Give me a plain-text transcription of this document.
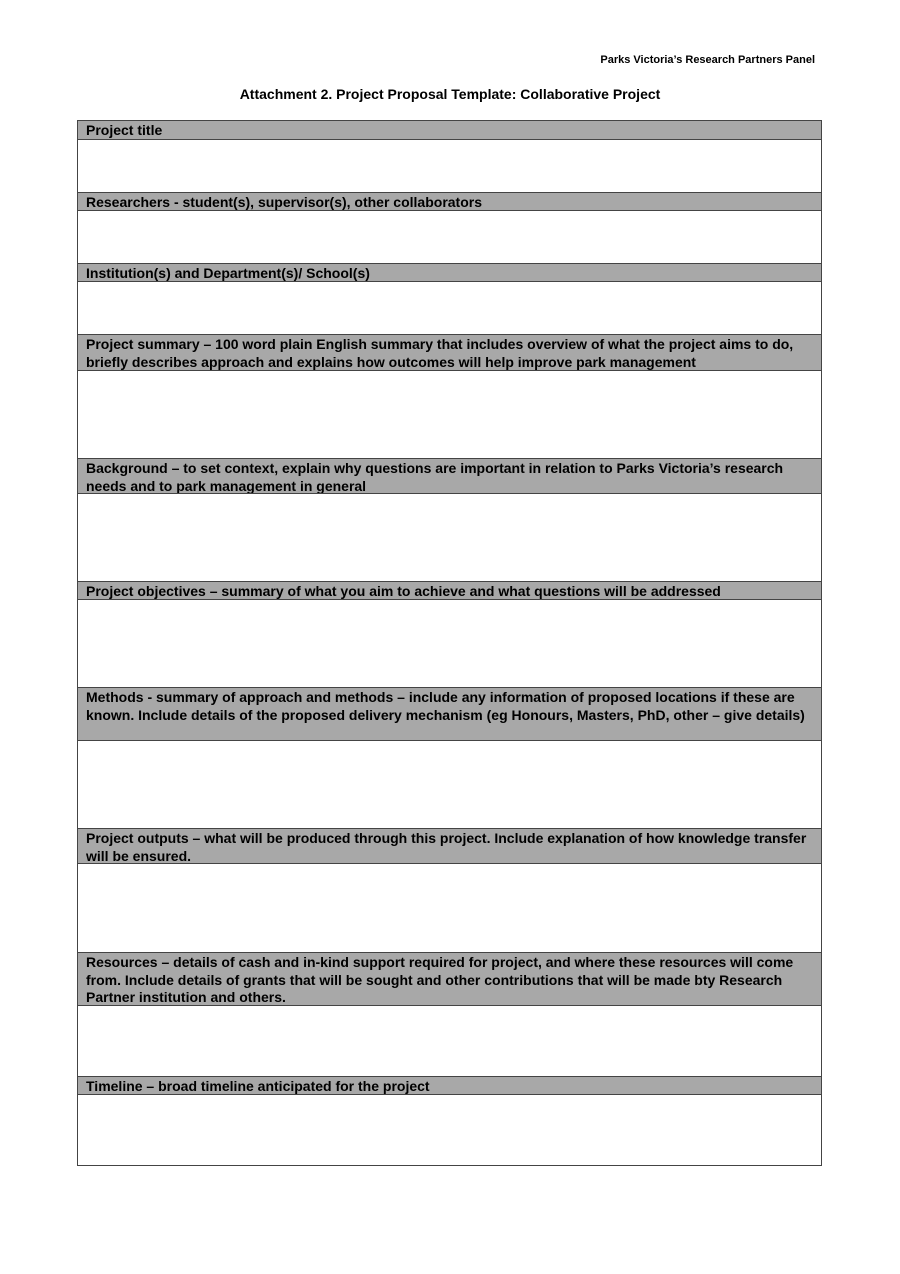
Parks Victoria’s Research Partners Panel
Attachment 2. Project Proposal Template: Collaborative Project
Project title
Researchers - student(s), supervisor(s), other collaborators
Institution(s) and Department(s)/ School(s)
Project summary – 100 word plain English summary that includes overview of what the project aims to do, briefly describes approach and explains how outcomes will help improve park management
Background – to set context, explain why questions are important in relation to Parks Victoria’s research needs and to park management in general
Project objectives – summary of what you aim to achieve and what questions will be addressed
Methods - summary of approach and methods – include any information of proposed locations if these are known. Include details of the proposed delivery mechanism (eg Honours, Masters, PhD, other – give details)
Project outputs – what will be produced through this project. Include explanation of how knowledge transfer will be ensured.
Resources – details of cash and in-kind support required for project, and where these resources will come from. Include details of grants that will be sought and other contributions that will be made bty Research Partner institution and others.
Timeline – broad timeline anticipated for the project
